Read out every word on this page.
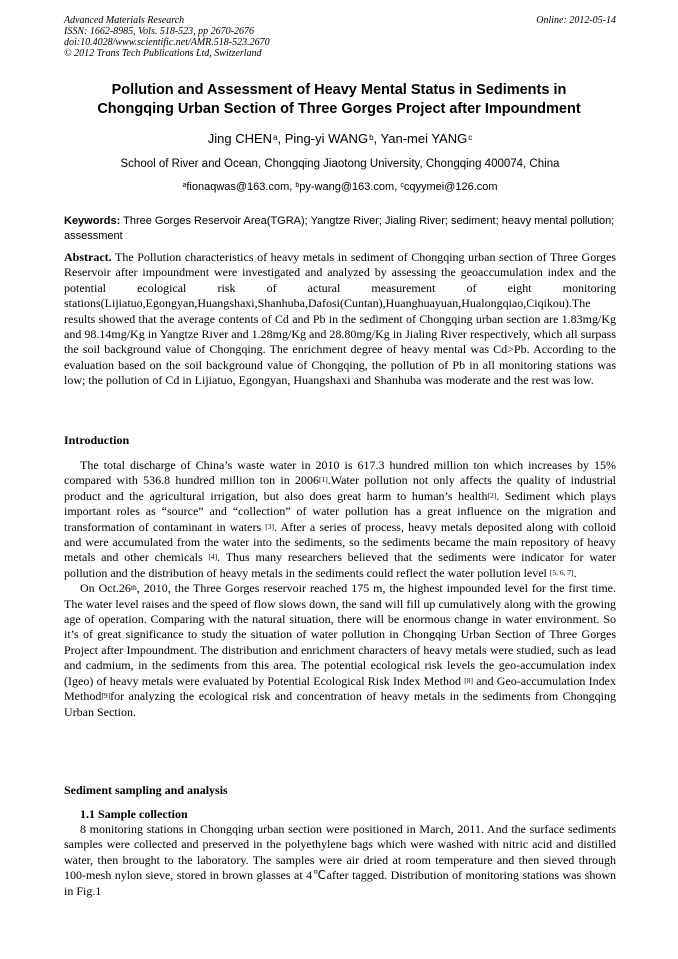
Advanced Materials Research
ISSN: 1662-8985, Vols. 518-523, pp 2670-2676
doi:10.4028/www.scientific.net/AMR.518-523.2670
© 2012 Trans Tech Publications Ltd, Switzerland
Online: 2012-05-14
Pollution and Assessment of Heavy Mental Status in Sediments in
Chongqing Urban Section of Three Gorges Project after Impoundment
Jing CHEN$^a$, Ping-yi WANG$^b$, Yan-mei YANG$^c$
School of River and Ocean, Chongqing Jiaotong University, Chongqing 400074, China
$^a$fionaqwas@163.com, $^b$py-wang@163.com, $^c$cqyymei@126.com
Keywords: Three Gorges Reservoir Area(TGRA); Yangtze River; Jialing River; sediment; heavy mental pollution; assessment
Abstract. The Pollution characteristics of heavy metals in sediment of Chongqing urban section of Three Gorges Reservoir after impoundment were investigated and analyzed by assessing the geoaccumulation index and the potential ecological risk of actural measurement of eight monitoring stations(Lijiatuo,Egongyan,Huangshaxi,Shanhuba,Dafosi(Cuntan),Huanghuayuan,Hualongqiao,Ciqikou).The results showed that the average contents of Cd and Pb in the sediment of Chongqing urban section are 1.83mg/Kg and 98.14mg/Kg in Yangtze River and 1.28mg/Kg and 28.80mg/Kg in Jialing River respectively, which all surpass the soil background value of Chongqing. The enrichment degree of heavy mental was Cd>Pb. According to the evaluation based on the soil background value of Chongqing, the pollution of Pb in all monitoring stations was low; the pollution of Cd in Lijiatuo, Egongyan, Huangshaxi and Shanhuba was moderate and the rest was low.
Introduction

The total discharge of China’s waste water in 2010 is 617.3 hundred million ton which increases by 15% compared with 536.8 hundred million ton in 2006[1].Water pollution not only affects the quality of industrial product and the agricultural irrigation, but also does great harm to human’s health[2]. Sediment which plays important roles as “source” and “collection” of water pollution has a great influence on the migration and transformation of contaminant in waters [3]. After a series of process, heavy metals deposited along with colloid and were accumulated from the water into the sediments, so the sediments became the main repository of heavy metals and other chemicals [4]. Thus many researchers believed that the sediments were indicator for water pollution and the distribution of heavy metals in the sediments could reflect the water pollution level [5, 6, 7].

On Oct.26th, 2010, the Three Gorges reservoir reached 175 m, the highest impounded level for the first time. The water level raises and the speed of flow slows down, the sand will fill up cumulatively along with the growing age of operation. Comparing with the natural situation, there will be enormous change in water environment. So it’s of great significance to study the situation of water pollution in Chongqing Urban Section of Three Gorges Project after Impoundment. The distribution and enrichment characters of heavy metals were studied, such as lead and cadmium, in the sediments from this area. The potential ecological risk levels the geo-accumulation index (Igeo) of heavy metals were evaluated by Potential Ecological Risk Index Method [8] and Geo-accumulation Index Method[9]for analyzing the ecological risk and concentration of heavy metals in the sediments from Chongqing Urban Section.

Sediment sampling and analysis
1.1 Sample collection

8 monitoring stations in Chongqing urban section were positioned in March, 2011. And the surface sediments samples were collected and preserved in the polyethylene bags which were washed with nitric acid and distilled water, then brought to the laboratory. The samples were air dried at room temperature and then sieved through 100-mesh nylon sieve, stored in brown glasses at 4℃after tagged. Distribution of monitoring stations was shown in Fig.1
